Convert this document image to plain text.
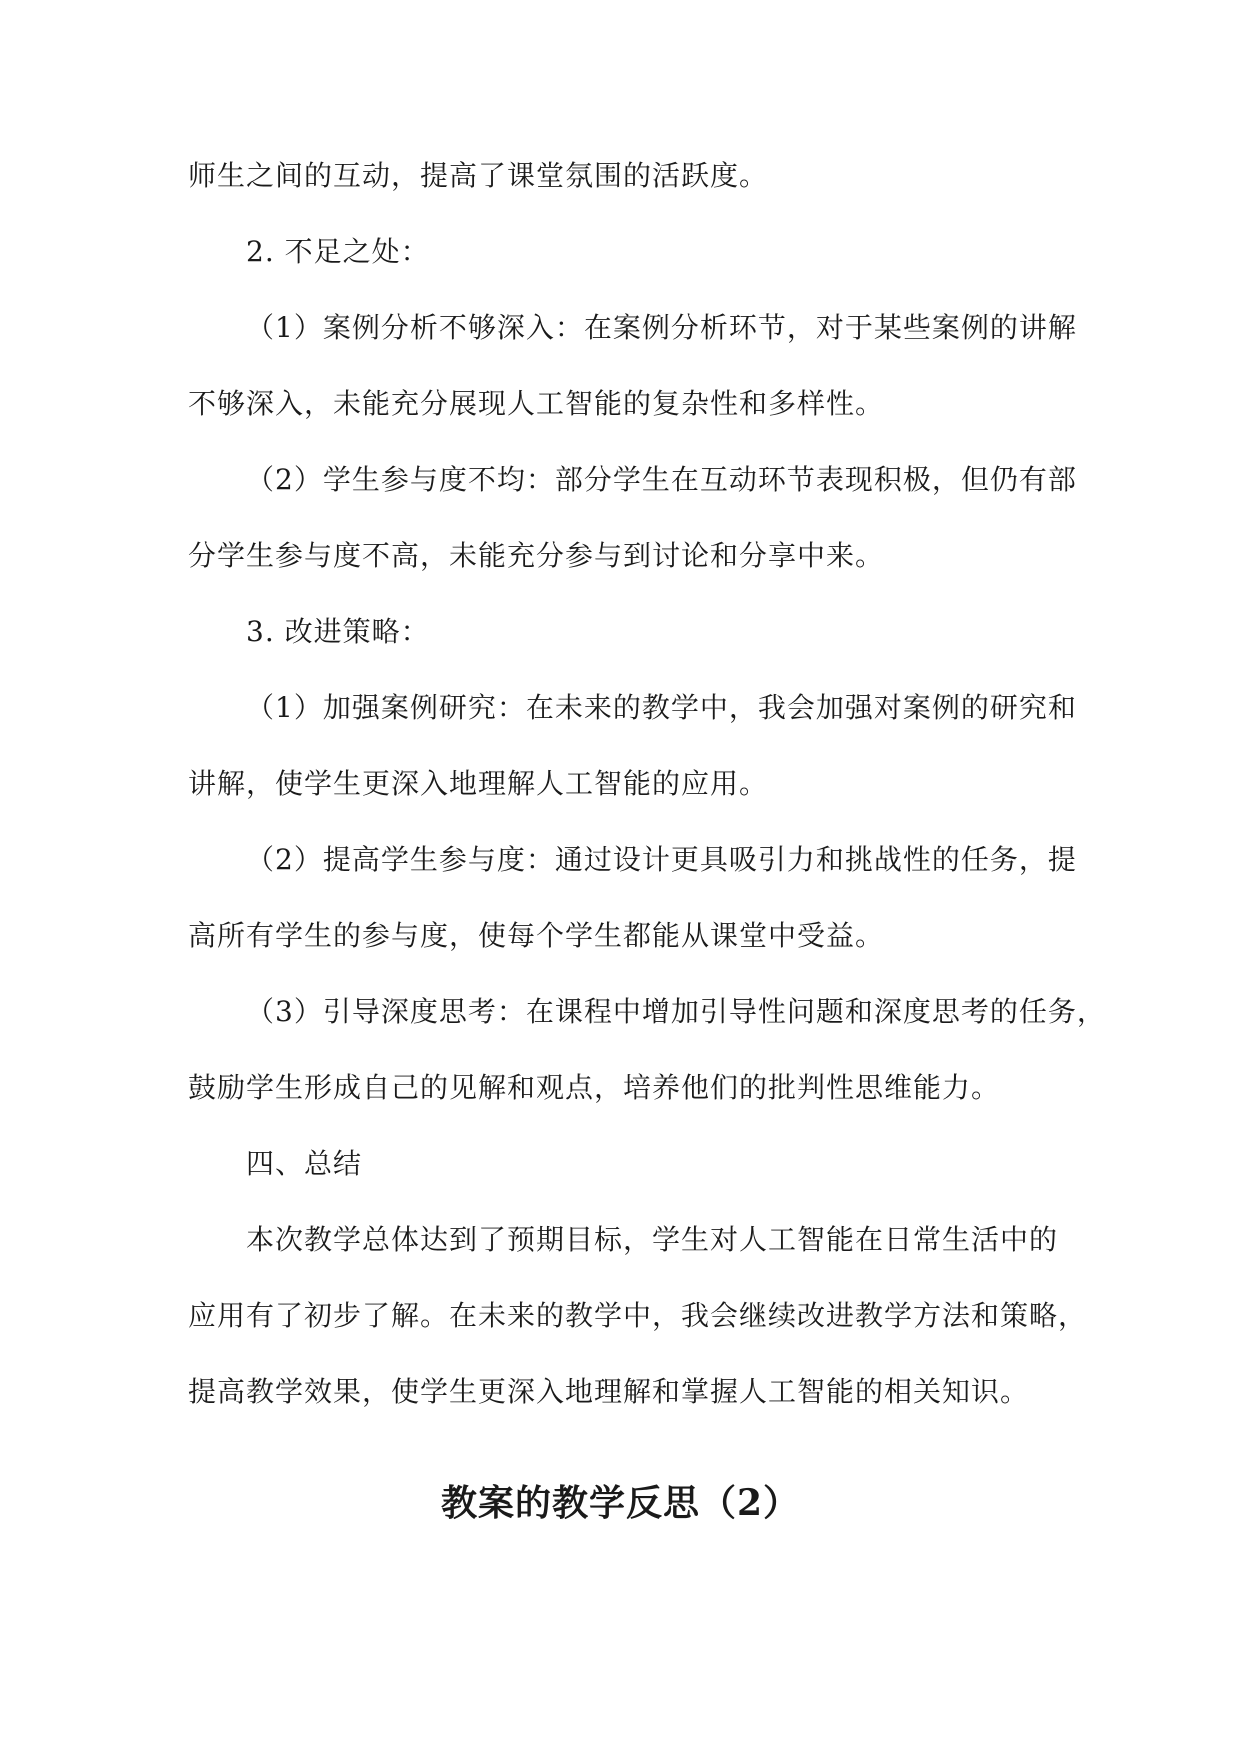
师生之间的互动，提高了课堂氛围的活跃度。
2. 不足之处：
（1）案例分析不够深入：在案例分析环节，对于某些案例的讲解
不够深入，未能充分展现人工智能的复杂性和多样性。
（2）学生参与度不均：部分学生在互动环节表现积极，但仍有部
分学生参与度不高，未能充分参与到讨论和分享中来。
3. 改进策略：
（1）加强案例研究：在未来的教学中，我会加强对案例的研究和
讲解，使学生更深入地理解人工智能的应用。
（2）提高学生参与度：通过设计更具吸引力和挑战性的任务，提
高所有学生的参与度，使每个学生都能从课堂中受益。
（3）引导深度思考：在课程中增加引导性问题和深度思考的任务，
鼓励学生形成自己的见解和观点，培养他们的批判性思维能力。
四、总结
本次教学总体达到了预期目标，学生对人工智能在日常生活中的
应用有了初步了解。在未来的教学中，我会继续改进教学方法和策略，
提高教学效果，使学生更深入地理解和掌握人工智能的相关知识。
教案的教学反思（2）
